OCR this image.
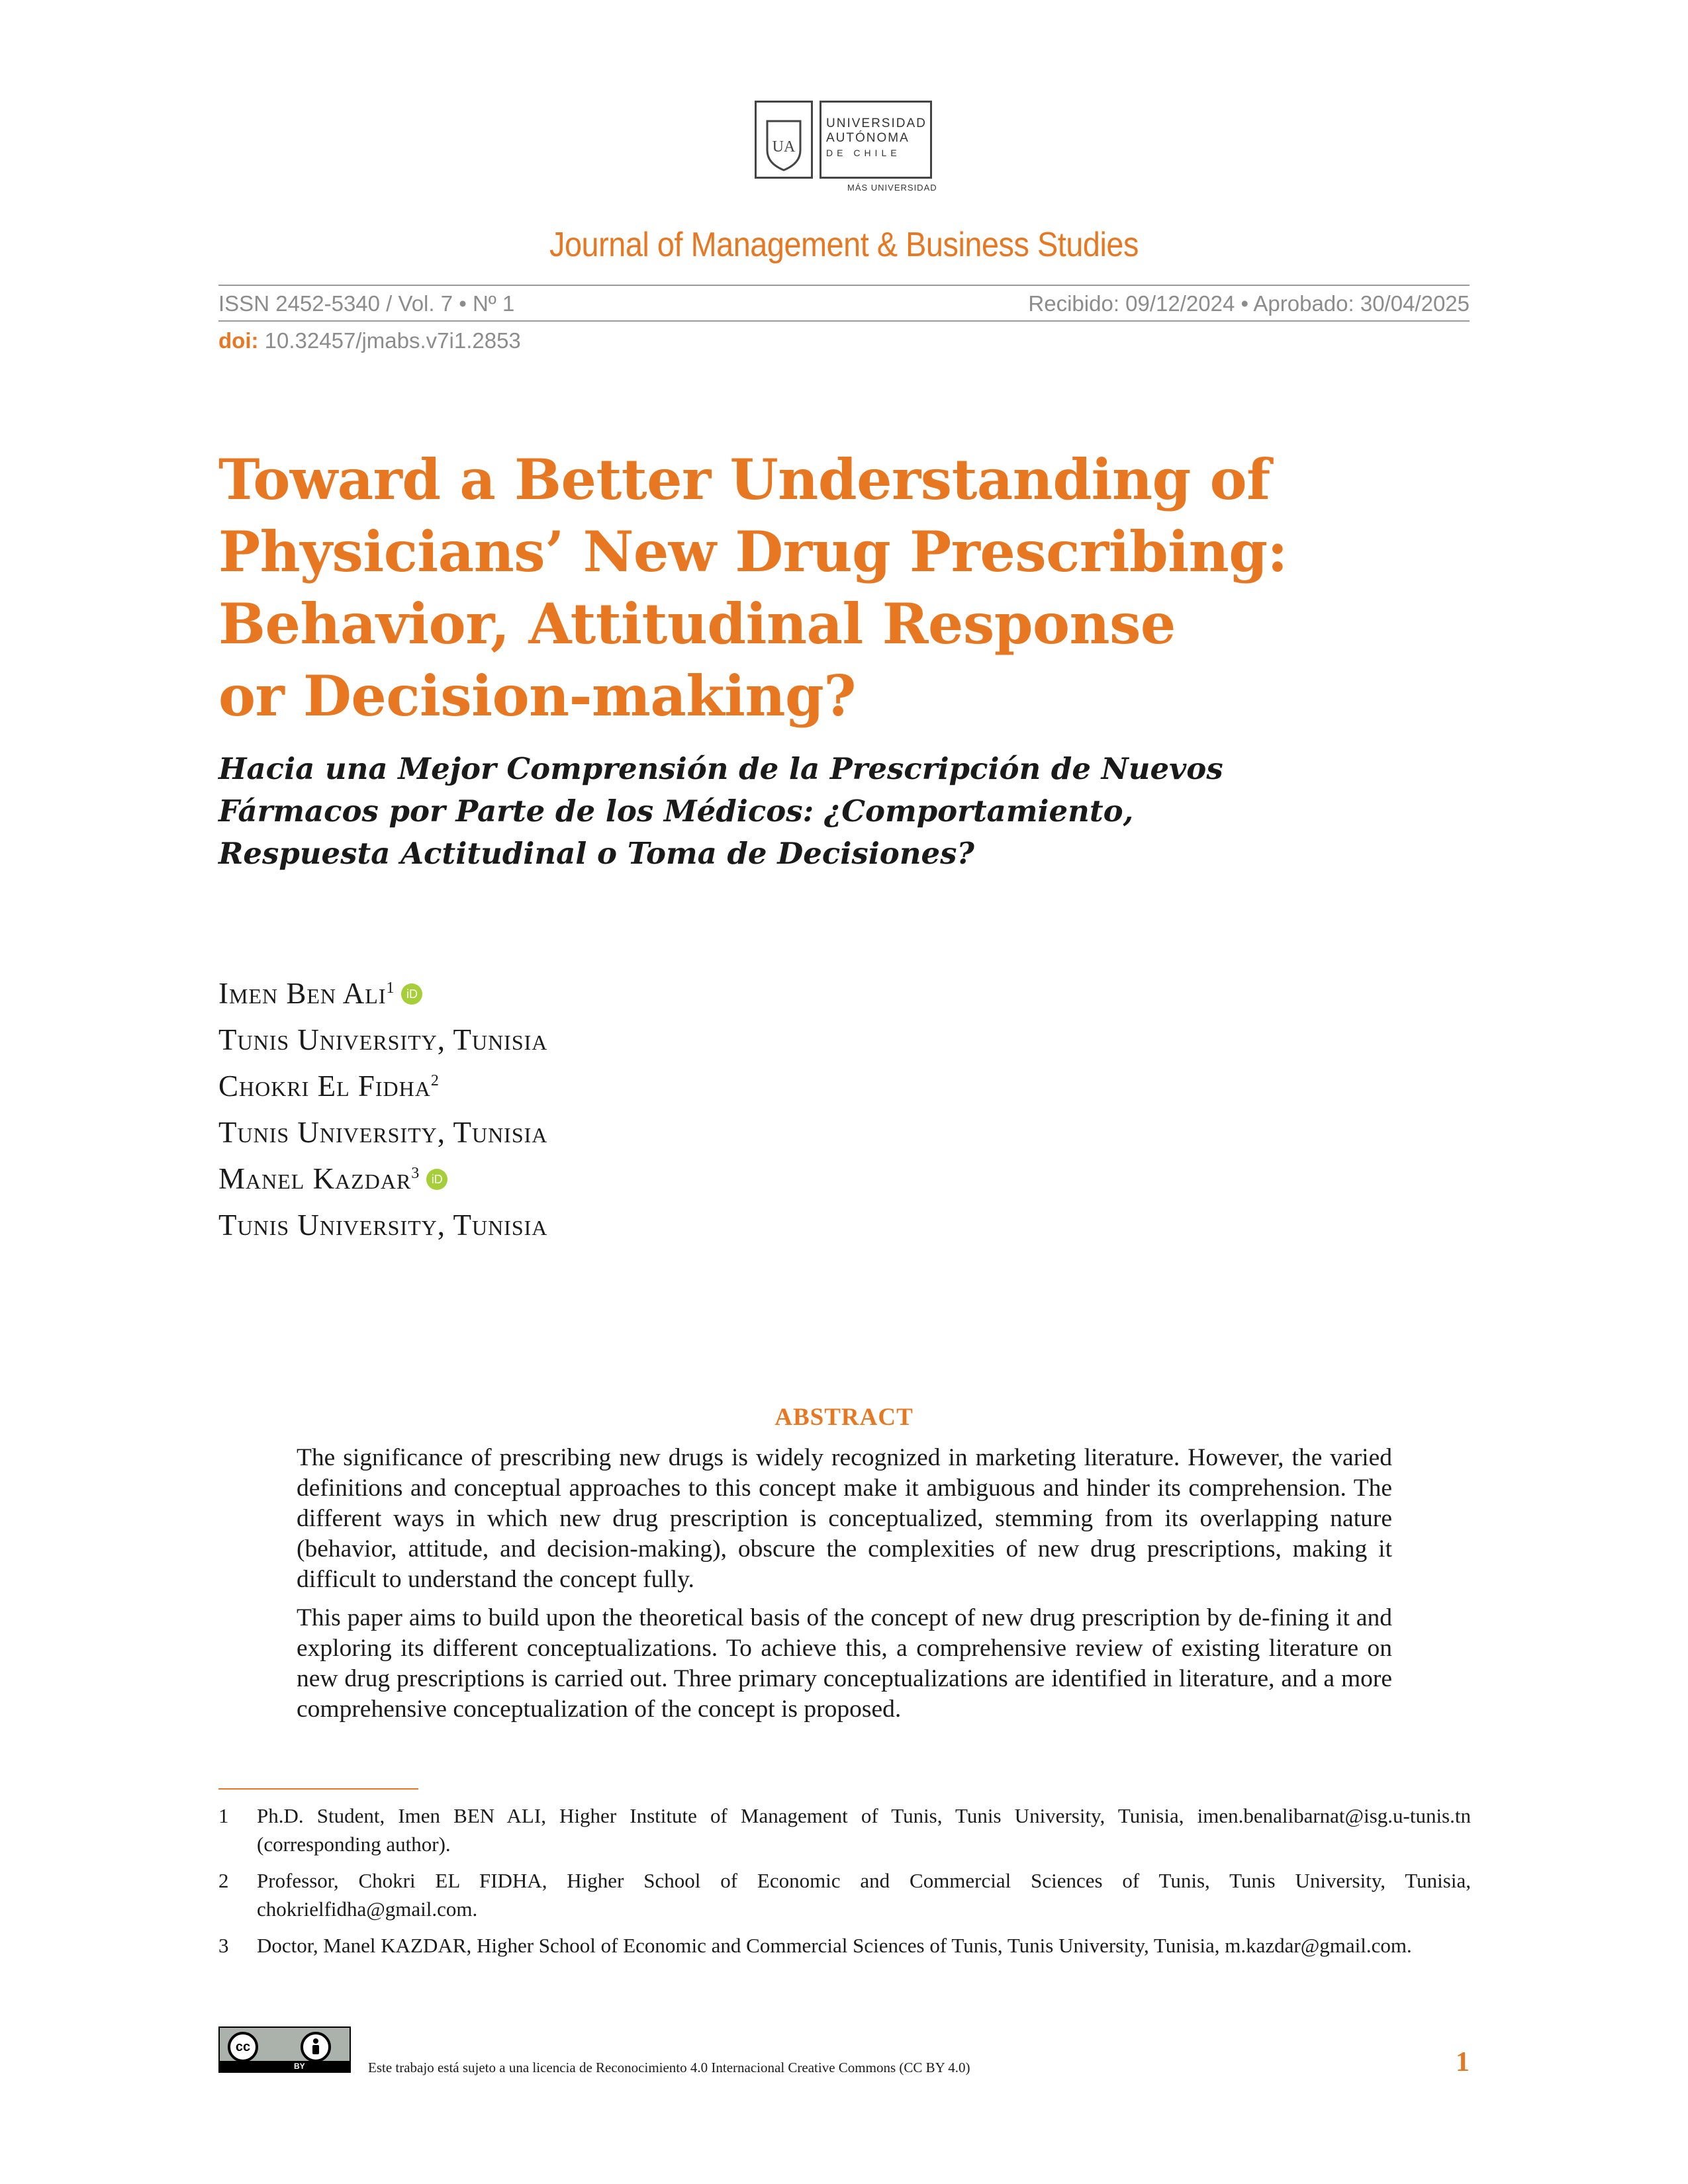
UA
UNIVERSIDAD
AUTÓNOMA
DE CHILE
MÁS UNIVERSIDAD
Journal of Management & Business Studies
ISSN 2452-5340 / Vol. 7 • Nº 1	Recibido: 09/12/2024 • Aprobado: 30/04/2025
doi: 10.32457/jmabs.v7i1.2853
Toward a Better Understanding of
Physicians’ New Drug Prescribing:
Behavior, Attitudinal Response
or Decision-making?
Hacia una Mejor Comprensión de la Prescripción de Nuevos
Fármacos por Parte de los Médicos: ¿Comportamiento,
Respuesta Actitudinal o Toma de Decisiones?
Imen Ben Ali$^1$ iD
Tunis University, Tunisia
Chokri El Fidha$^2$
Tunis University, Tunisia
Manel Kazdar$^3$ iD
Tunis University, Tunisia
ABSTRACT

The significance of prescribing new drugs is widely recognized in marketing literature. However, the varied definitions and conceptual approaches to this concept make it ambiguous and hinder its comprehension. The different ways in which new drug prescription is conceptualized, stemming from its overlapping nature (behavior, attitude, and decision-making), obscure the complexities of new drug prescriptions, making it difficult to understand the concept fully.

This paper aims to build upon the theoretical basis of the concept of new drug prescription by de-fining it and exploring its different conceptualizations. To achieve this, a comprehensive review of existing literature on new drug prescriptions is carried out. Three primary conceptualizations are identified in literature, and a more comprehensive conceptualization of the concept is proposed.

1	Ph.D. Student, Imen BEN ALI, Higher Institute of Management of Tunis, Tunis University, Tunisia, imen.benalibarnat@isg.u-tunis.tn (corresponding author).
2	Professor, Chokri EL FIDHA, Higher School of Economic and Commercial Sciences of Tunis, Tunis University, Tunisia, chokrielfidha@gmail.com.
3	Doctor, Manel KAZDAR, Higher School of Economic and Commercial Sciences of Tunis, Tunis University, Tunisia, m.kazdar@gmail.com.
cc
BY	Este trabajo está sujeto a una licencia de Reconocimiento 4.0 Internacional Creative Commons (CC BY 4.0)	1
